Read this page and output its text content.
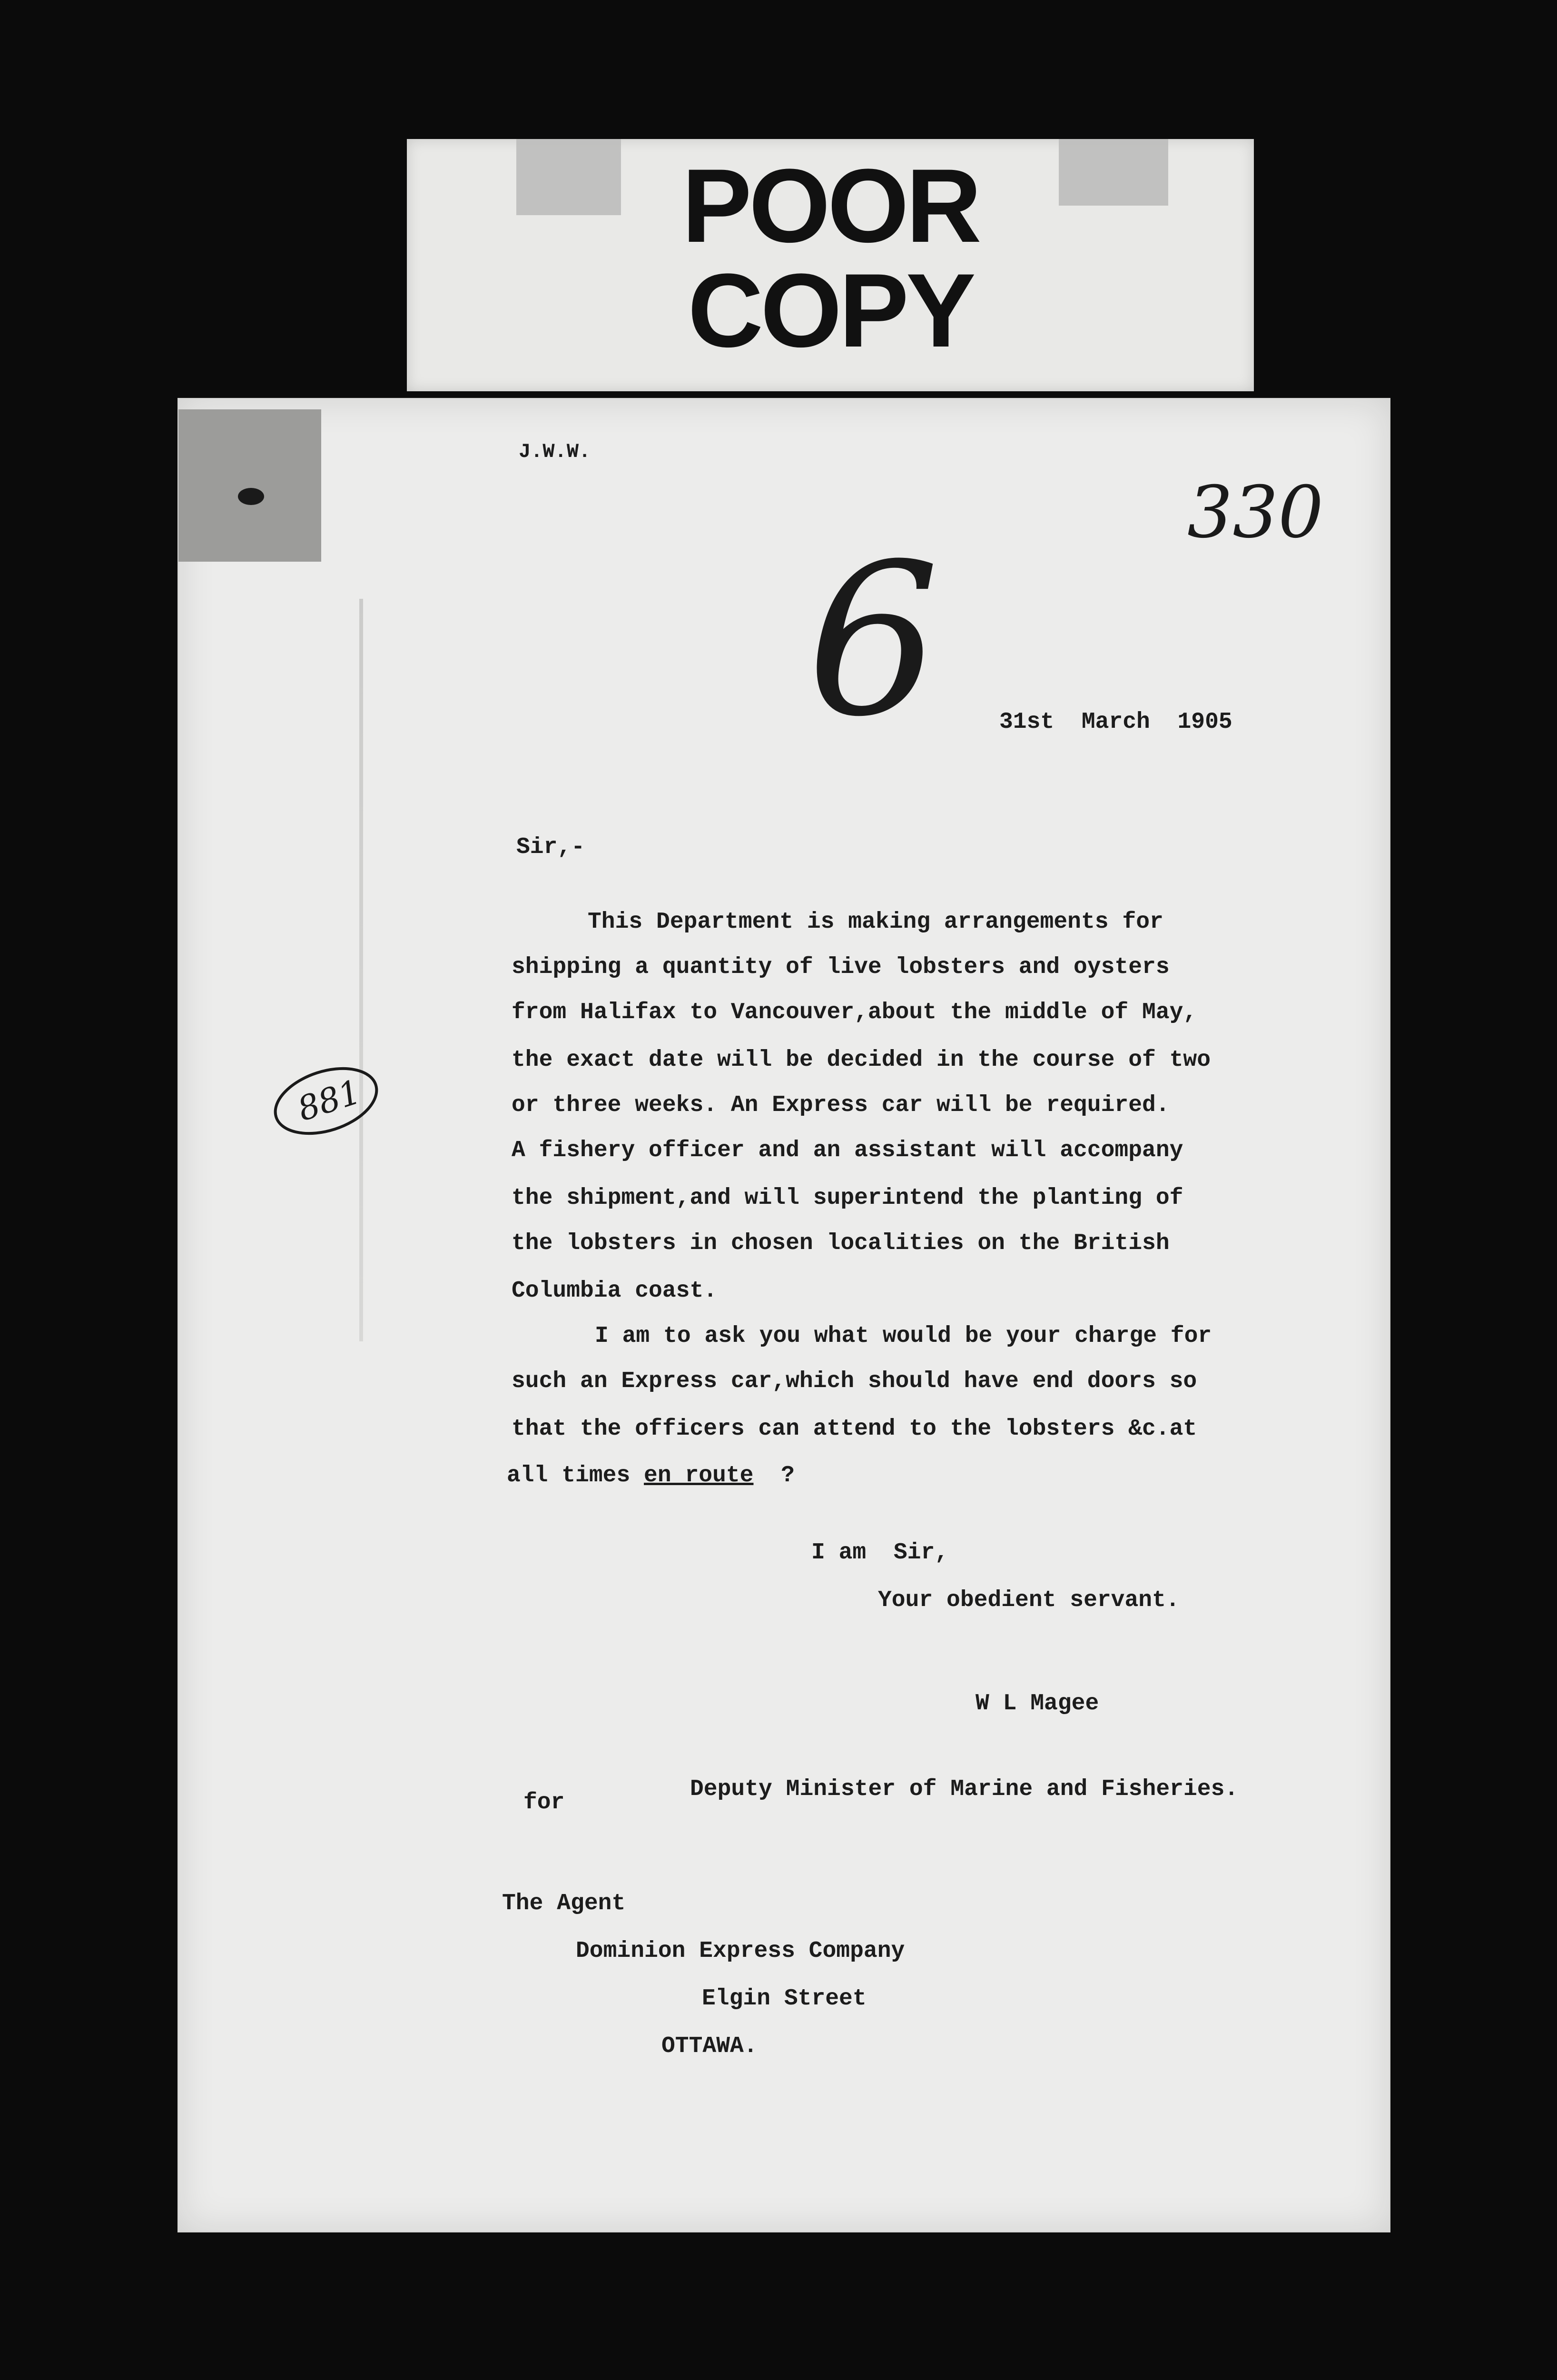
POOR
COPY
J.W.W.
330
6	31st  March  1905
Sir,-
This Department is making arrangements for
shipping a quantity of live lobsters and oysters
from Halifax to Vancouver,about the middle of May,
the exact date will be decided in the course of two
or three weeks. An Express car will be required.
A fishery officer and an assistant will accompany
the shipment,and will superintend the planting of
the lobsters in chosen localities on the British
Columbia coast.
881
I am to ask you what would be your charge for
such an Express car,which should have end doors so
that the officers can attend to the lobsters &c.at
all times en route  ?
I am  Sir,
Your obedient servant.
W L Magee
for
Deputy Minister of Marine and Fisheries.
The Agent
Dominion Express Company
Elgin Street
OTTAWA.
